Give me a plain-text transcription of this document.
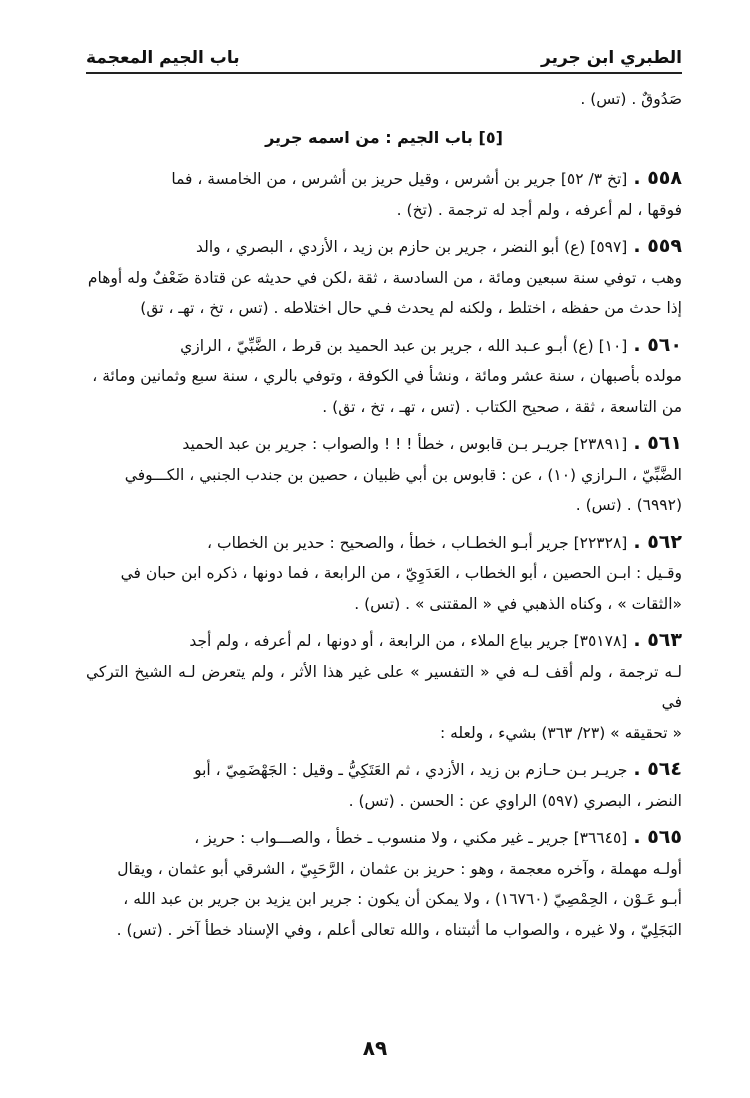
الطبري ابن جرير
باب الجيم المعجمة
صَدُوقٌ . (تس) .
[٥] باب الجيم : من اسمه جرير
٥٥٨ .[تخ ٣/ ٥٢] جرير بن أشرس ، وقيل حريز بن أشرس ، من الخامسة ، فما
فوقها ، لم أعرفه ، ولم أجد له ترجمة . (تخ) .
٥٥٩ .[٥٩٧] (ع) أبو النضر ، جرير بن حازم بن زيد ، الأزدي ، البصري ، والد
وهب ، توفي سنة سبعين ومائة ، من السادسة ، ثقة ،لكن في حديثه عن قتادة ضَعْفٌ وله أوهام
إذا حدث من حفظه ، اختلط ، ولكنه لم يحدث فـي حال اختلاطه . (تس ، تخ ، تهـ ، تق)
٥٦٠ .[١٠] (ع) أبـو عـبد الله ، جرير بن عبد الحميد بن قرط ، الضَّبِّيّ ، الرازي
مولده بأصبهان ، سنة عشر ومائة ، ونشأ في الكوفة ، وتوفي بالري ، سنة سبع وثمانين ومائة ،
من التاسعة ، ثقة ، صحيح الكتاب . (تس ، تهـ ، تخ ، تق) .
٥٦١ .[٢٣٨٩١] جريـر بـن قابوس ، خطأ ! ! ! والصواب : جرير بن عبد الحميد
الضَّبِّيّ ، الـرازي (١٠) ، عن : قابوس بن أبي ظبيان ، حصين بن جندب الجنبي ، الكـــوفي
(٦٩٩٢) . (تس) .
٥٦٢ .[٢٢٣٢٨] جرير أبـو الخطـاب ، خطأ ، والصحيح : حدير بن الخطاب ،
وقـيل : ابـن الحصين ، أبو الخطاب ، العَدَوِيّ ، من الرابعة ، فما دونها ، ذكره ابن حبان في
«الثقات » ، وكناه الذهبي في « المقتنى » . (تس) .
٥٦٣ .[٣٥١٧٨] جرير بياع الملاء ، من الرابعة ، أو دونها ، لم أعرفه ، ولم أجد
لـه ترجمة ، ولم أقف لـه في « التفسير » على غير هذا الأثر ، ولم يتعرض لـه الشيخ التركي في
« تحقيقه » (٢٣/ ٣٦٣) بشيء ، ولعله :
٥٦٤ .جريـر بـن حـازم بن زيد ، الأزدي ، ثم العَتَكِيُّ ـ وقيل : الجَهْضَمِيّ ، أبو
النضر ، البصري (٥٩٧) الراوي عن : الحسن . (تس) .
٥٦٥ .[٣٦٦٤٥] جرير ـ غير مكني ، ولا منسوب ـ خطأ ، والصـــواب : حريز ،
أولـه مهملة ، وآخره معجمة ، وهو : حريز بن عثمان ، الرَّحَبِيّ ، الشرقي أبو عثمان ، ويقال
أبـو عَـوْن ، الحِمْصِيّ (١٦٧٦٠) ، ولا يمكن أن يكون : جرير ابن يزيد بن جرير بن عبد الله ،
البَجَلِيّ ، ولا غيره ، والصواب ما أثبتناه ، والله تعالى أعلم ، وفي الإسناد خطأ آخر . (تس) .
٨٩
